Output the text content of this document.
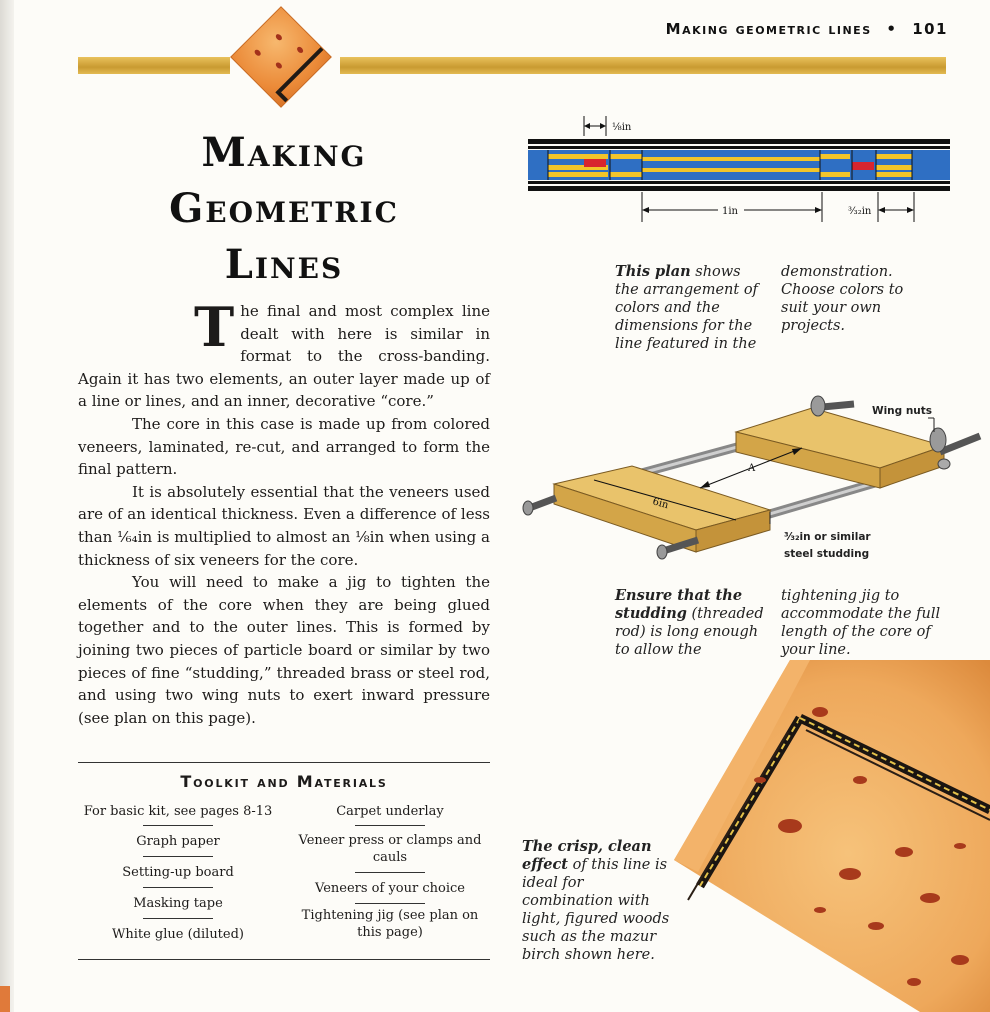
Making geometric lines • 101
Making
Geometric
Lines

The final and most complex line dealt with here is similar in format to the cross-banding. Again it has two elements, an outer layer made up of a line or lines, and an inner, decorative “core.”

The core in this case is made up from colored veneers, laminated, re-cut, and arranged to form the final pattern.

It is absolutely essential that the veneers used are of an identical thickness. Even a difference of less than ¹⁄₆₄in is multiplied to almost an ⅛in when using a thickness of six veneers for the core.

You will need to make a jig to tighten the elements of the core when they are being glued together and to the outer lines. This is formed by joining two pieces of particle board or similar by two pieces of fine “studding,” threaded brass or steel rod, and using two wing nuts to exert inward pressure (see plan on this page).

Toolkit and Materials
For basic kit, see pages 8-13
Graph paper
Setting-up board
Masking tape
White glue (diluted)
Carpet underlay
Veneer press or clamps and cauls
Veneers of your choice
Tightening jig (see plan on this page)
⅛in
1in	³⁄₃₂in
This plan shows the arrangement of colors and the dimensions for the line featured in the
demonstration. Choose colors to suit your own projects.
A
6in
Wing nuts
³⁄₃₂in or similar
steel studding
Ensure that the studding (threaded rod) is long enough to allow the
tightening jig to accommodate the full length of the core of your line.
The crisp, clean effect of this line is ideal for combination with light, figured woods such as the mazur birch shown here.
